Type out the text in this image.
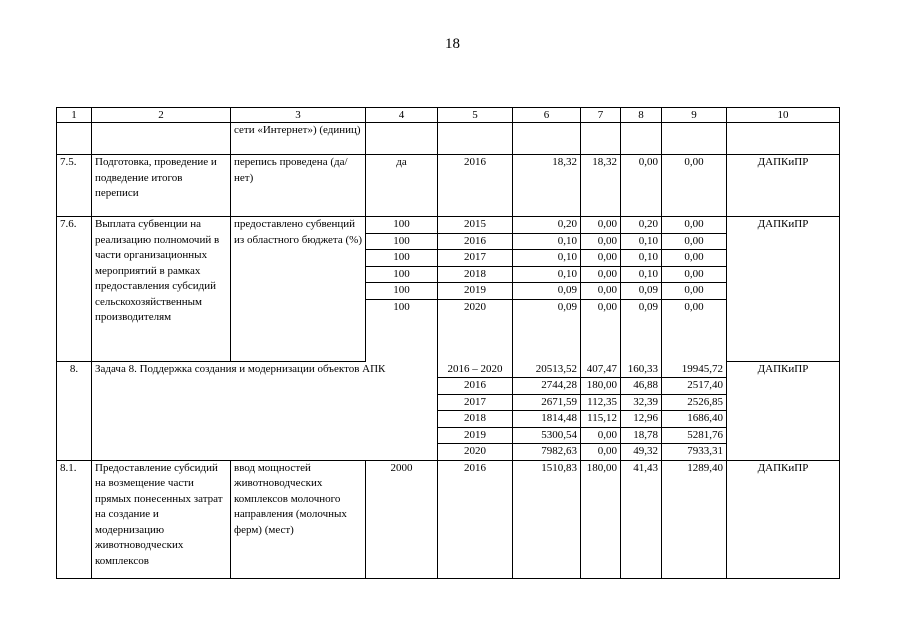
18
1	2	3	4	5	6	7	8	9	10
		сети «Интернет») (единиц)							
7.5.	Подготовка, проведение и подведение итогов переписи	перепись проведена (да/нет)	да	2016	18,32	18,32	0,00	0,00	ДАПКиПР
7.6.	Выплата субвенции на реализацию полномочий в части организационных мероприятий в рамках предоставления субсидий сельскохозяйственным производителям	предоставлено субвенций из областного бюджета (%)	100	2015	0,20	0,00	0,20	0,00	ДАПКиПР
			100	2016	0,10	0,00	0,10	0,00	
			100	2017	0,10	0,00	0,10	0,00	
			100	2018	0,10	0,00	0,10	0,00	
			100	2019	0,09	0,00	0,09	0,00	
			100	2020	0,09	0,00	0,09	0,00	
8.	Задача 8. Поддержка создания и модернизации объектов АПК			2016 – 2020	20513,52	407,47	160,33	19945,72	ДАПКиПР
				2016	2744,28	180,00	46,88	2517,40	
				2017	2671,59	112,35	32,39	2526,85	
				2018	1814,48	115,12	12,96	1686,40	
				2019	5300,54	0,00	18,78	5281,76	
				2020	7982,63	0,00	49,32	7933,31	
8.1.	Предоставление субсидий на возмещение части прямых понесенных затрат на создание и модернизацию животноводческих комплексов	ввод мощностей животноводческих комплексов молочного направления (молочных ферм) (мест)	2000	2016	1510,83	180,00	41,43	1289,40	ДАПКиПР
